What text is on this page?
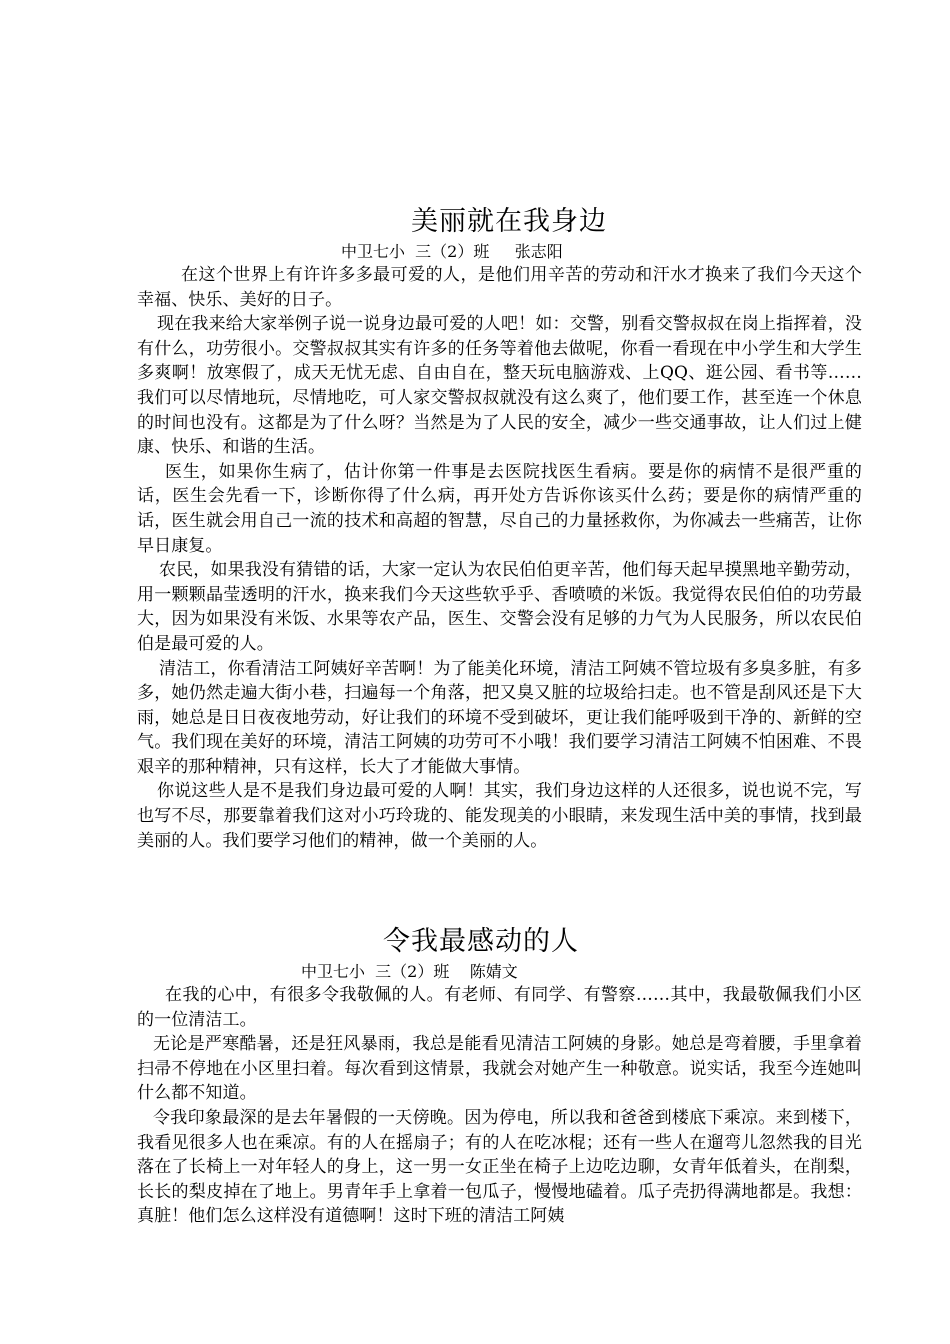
美丽就在我身边
中卫七小  三（2）班     张志阳

在这个世界上有许许多多最可爱的人，是他们用辛苦的劳动和汗水才换来了我们今天这个幸福、快乐、美好的日子。

现在我来给大家举例子说一说身边最可爱的人吧！如：交警，别看交警叔叔在岗上指挥着，没有什么，功劳很小。交警叔叔其实有许多的任务等着他去做呢，你看一看现在中小学生和大学生多爽啊！放寒假了，成天无忧无虑、自由自在，整天玩电脑游戏、上QQ、逛公园、看书等……我们可以尽情地玩，尽情地吃，可人家交警叔叔就没有这么爽了，他们要工作，甚至连一个休息的时间也没有。这都是为了什么呀？当然是为了人民的安全，减少一些交通事故，让人们过上健康、快乐、和谐的生活。

医生，如果你生病了，估计你第一件事是去医院找医生看病。要是你的病情不是很严重的话，医生会先看一下，诊断你得了什么病，再开处方告诉你该买什么药；要是你的病情严重的话，医生就会用自己一流的技术和高超的智慧，尽自己的力量拯救你，为你减去一些痛苦，让你早日康复。

农民，如果我没有猜错的话，大家一定认为农民伯伯更辛苦，他们每天起早摸黑地辛勤劳动，用一颗颗晶莹透明的汗水，换来我们今天这些软乎乎、香喷喷的米饭。我觉得农民伯伯的功劳最大，因为如果没有米饭、水果等农产品，医生、交警会没有足够的力气为人民服务，所以农民伯伯是最可爱的人。

清洁工，你看清洁工阿姨好辛苦啊！为了能美化环境，清洁工阿姨不管垃圾有多臭多脏，有多多，她仍然走遍大街小巷，扫遍每一个角落，把又臭又脏的垃圾给扫走。也不管是刮风还是下大雨，她总是日日夜夜地劳动，好让我们的环境不受到破坏，更让我们能呼吸到干净的、新鲜的空气。我们现在美好的环境，清洁工阿姨的功劳可不小哦！我们要学习清洁工阿姨不怕困难、不畏艰辛的那种精神，只有这样，长大了才能做大事情。

你说这些人是不是我们身边最可爱的人啊！其实，我们身边这样的人还很多，说也说不完，写也写不尽，那要靠着我们这对小巧玲珑的、能发现美的小眼睛，来发现生活中美的事情，找到最美丽的人。我们要学习他们的精神，做一个美丽的人。

令我最感动的人
中卫七小  三（2）班    陈婧文

在我的心中，有很多令我敬佩的人。有老师、有同学、有警察……其中，我最敬佩我们小区的一位清洁工。

无论是严寒酷暑，还是狂风暴雨，我总是能看见清洁工阿姨的身影。她总是弯着腰，手里拿着扫帚不停地在小区里扫着。每次看到这情景，我就会对她产生一种敬意。说实话，我至今连她叫什么都不知道。

令我印象最深的是去年暑假的一天傍晚。因为停电，所以我和爸爸到楼底下乘凉。来到楼下，我看见很多人也在乘凉。有的人在摇扇子；有的人在吃冰棍；还有一些人在遛弯儿忽然我的目光落在了长椅上一对年轻人的身上，这一男一女正坐在椅子上边吃边聊，女青年低着头，在削梨，长长的梨皮掉在了地上。男青年手上拿着一包瓜子，慢慢地磕着。瓜子壳扔得满地都是。我想：真脏！他们怎么这样没有道德啊！这时下班的清洁工阿姨
